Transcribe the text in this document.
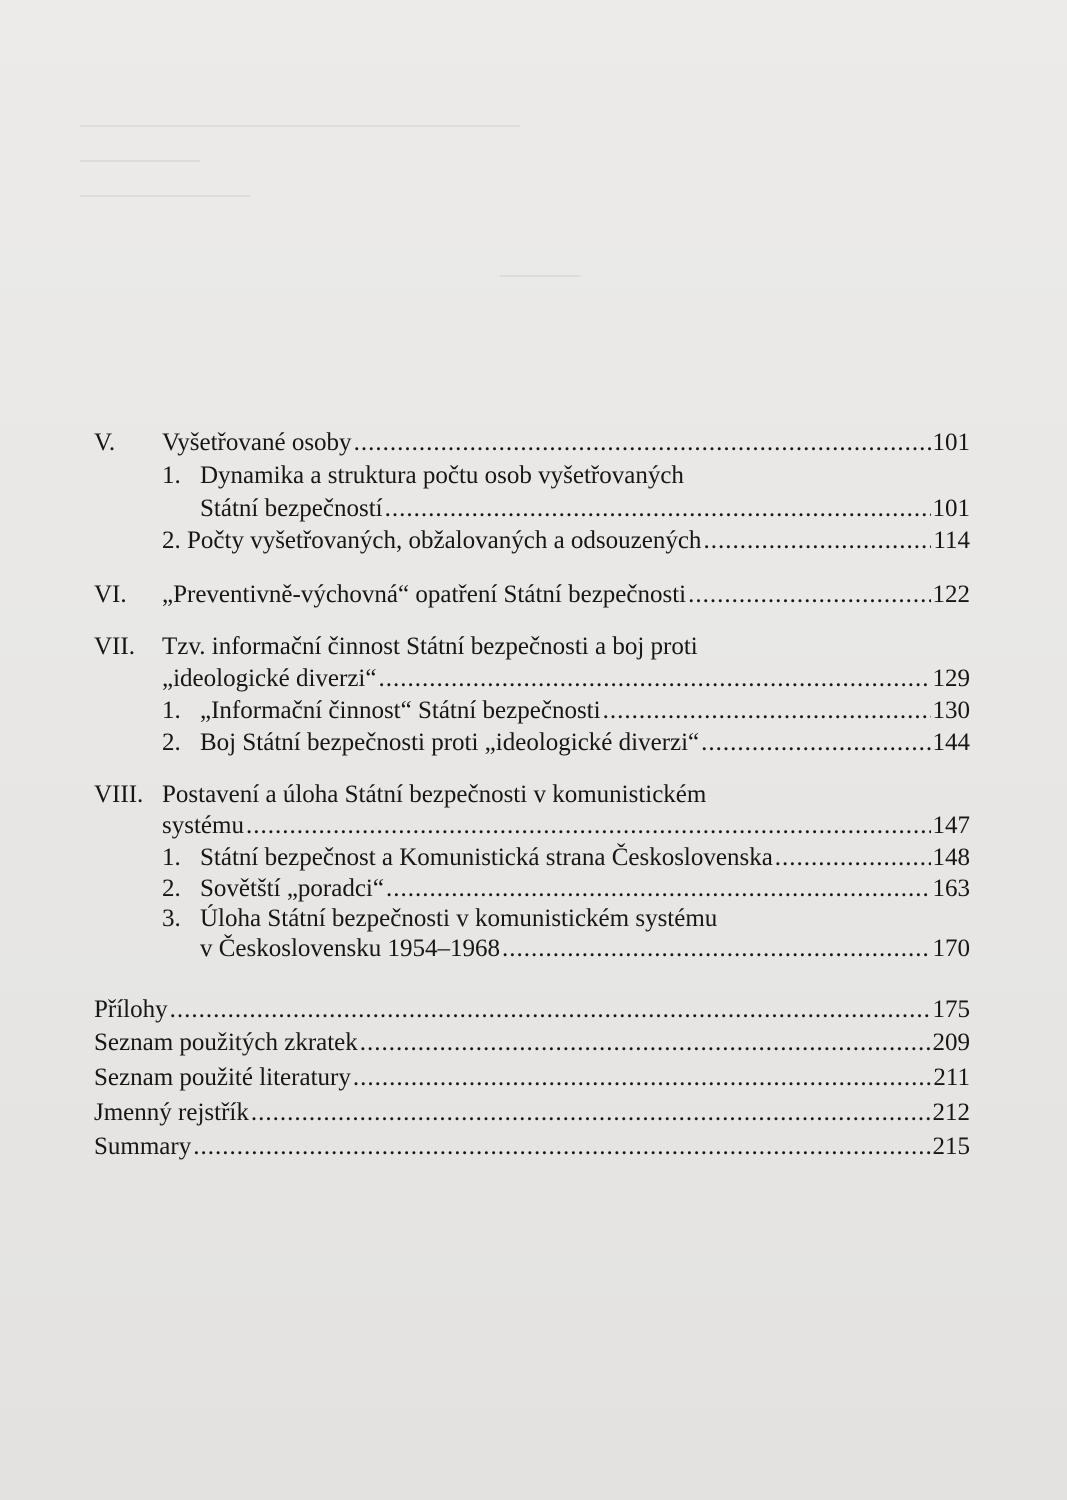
V. Vyšetřované osoby .....	101
1. Dynamika a struktura počtu osob vyšetřovaných
Státní bezpečností .....	101
2. Počty vyšetřovaných, obžalovaných a odsouzených .....	114
VI. „Preventivně-výchovná“ opatření Státní bezpečnosti .....	122
VII. Tzv. informační činnost Státní bezpečnosti a boj proti
„ideologické diverzi“ .....	129
1. „Informační činnost“ Státní bezpečnosti .....	130
2. Boj Státní bezpečnosti proti „ideologické diverzi“ .....	144
VIII. Postavení a úloha Státní bezpečnosti v komunistickém
systému .....	147
1. Státní bezpečnost a Komunistická strana Československa .....	148
2. Sovětští „poradci“ .....	163
3. Úloha Státní bezpečnosti v komunistickém systému
v Československu 1954–1968 .....	170
Přílohy .....	175
Seznam použitých zkratek .....	209
Seznam použité literatury .....	211
Jmenný rejstřík .....	212
Summary .....	215
